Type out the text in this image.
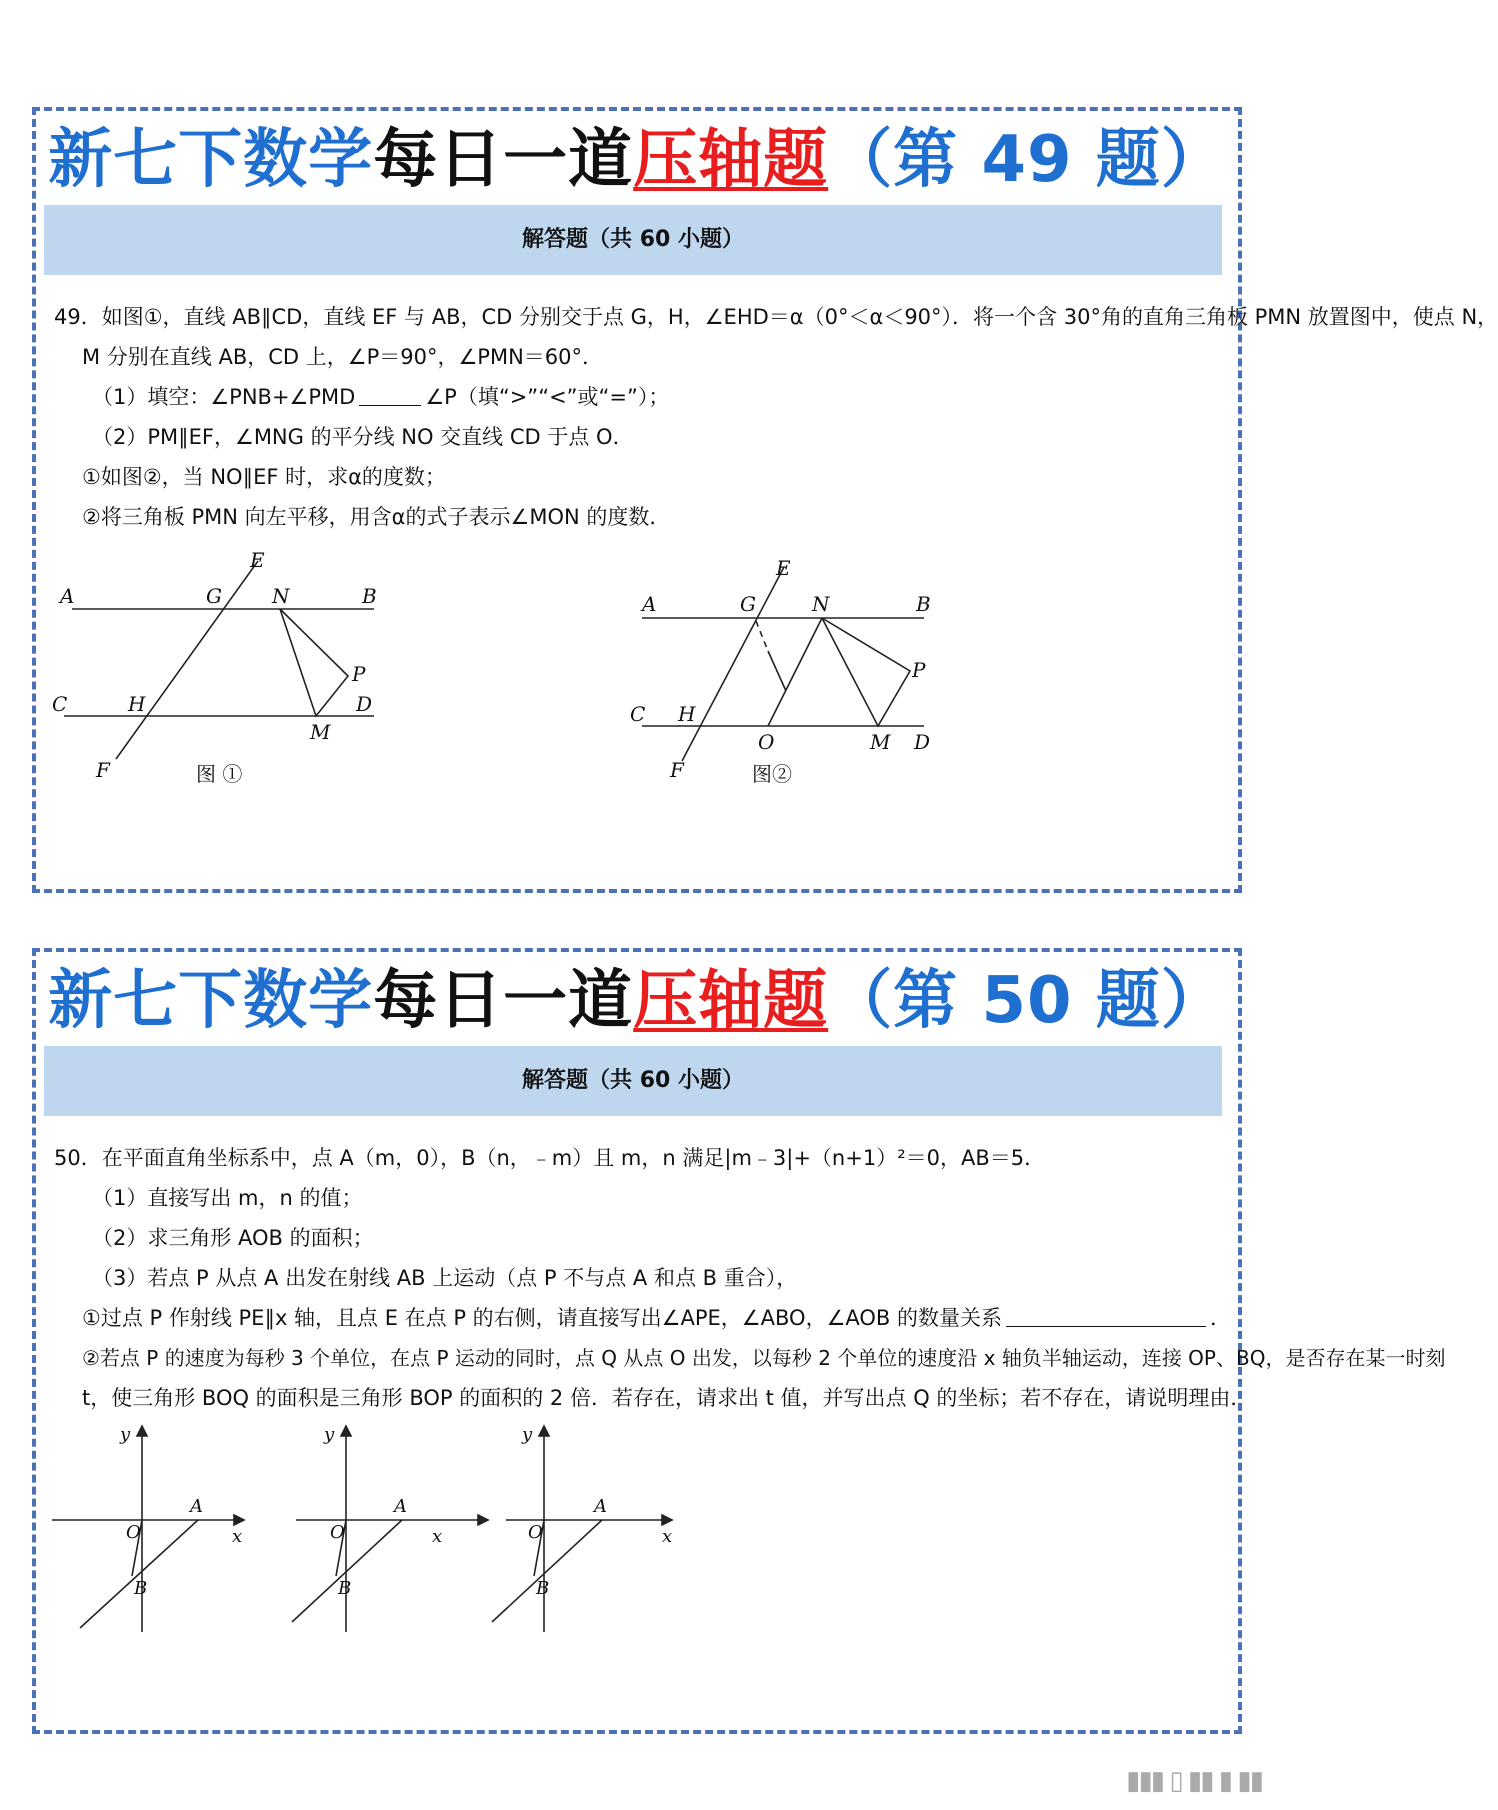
新七下数学每日一道压轴题（第 49 题）
解答题（共 60 小题）
49．如图①，直线 AB∥CD，直线 EF 与 AB，CD 分别交于点 G，H，∠EHD＝α（0°＜α＜90°）．将一个含 30°角的直角三角板 PMN 放置图中，使点 N，
M 分别在直线 AB，CD 上，∠P＝90°，∠PMN＝60°．
（1）填空：∠PNB+∠PMD	∠P（填“>”“<”或“=”）；
（2）PM∥EF，∠MNG 的平分线 NO 交直线 CD 于点 O．
①如图②，当 NO∥EF 时，求α的度数；
②将三角板 PMN 向左平移，用含α的式子表示∠MON 的度数．
E
A	G	N	B
P
C	H	D
M
F	图 ①
E
A	G	N	B
P
C H
O	M D
F	图②
新七下数学每日一道压轴题（第 50 题）
解答题（共 60 小题）
50．在平面直角坐标系中，点 A（m，0），B（n，﹣m）且 m，n 满足|m﹣3|+（n+1）²＝0，AB＝5．
（1）直接写出 m，n 的值；
（2）求三角形 AOB 的面积；
（3）若点 P 从点 A 出发在射线 AB 上运动（点 P 不与点 A 和点 B 重合），
①过点 P 作射线 PE∥x 轴，且点 E 在点 P 的右侧，请直接写出∠APE，∠ABO，∠AOB 的数量关系	．
②若点 P 的速度为每秒 3 个单位，在点 P 运动的同时，点 Q 从点 O 出发，以每秒 2 个单位的速度沿 x 轴负半轴运动，连接 OP、BQ，是否存在某一时刻
t，使三角形 BOQ 的面积是三角形 BOP 的面积的 2 倍．若存在，请求出 t 值，并写出点 Q 的坐标；若不存在，请说明理由．
y
x
O
A
B
y
x
O
A
B
y
x
O
A
B
▮▮▮ ▯ ▮▮ ▮ ▮▮
